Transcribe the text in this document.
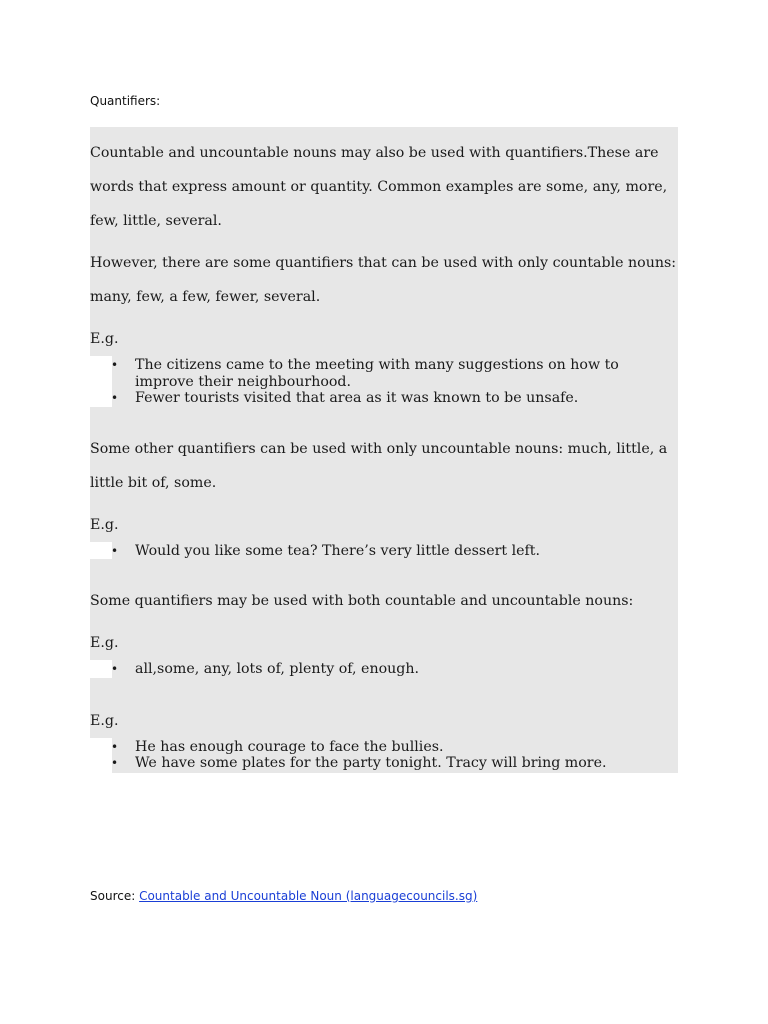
Quantifiers:

Countable and uncountable nouns may also be used with quantifiers.These are words that express amount or quantity. Common examples are some, any, more, few, little, several.

However, there are some quantifiers that can be used with only countable nouns: many, few, a few, fewer, several.

E.g.

• The citizens came to the meeting with many suggestions on how to improve their neighbourhood.
• Fewer tourists visited that area as it was known to be unsafe.

Some other quantifiers can be used with only uncountable nouns: much, little, a little bit of, some.

E.g.

• Would you like some tea? There’s very little dessert left.

Some quantifiers may be used with both countable and uncountable nouns:

E.g.

• all,some, any, lots of, plenty of, enough.

E.g.

• He has enough courage to face the bullies.
• We have some plates for the party tonight. Tracy will bring more.

Source: Countable and Uncountable Noun (languagecouncils.sg)
